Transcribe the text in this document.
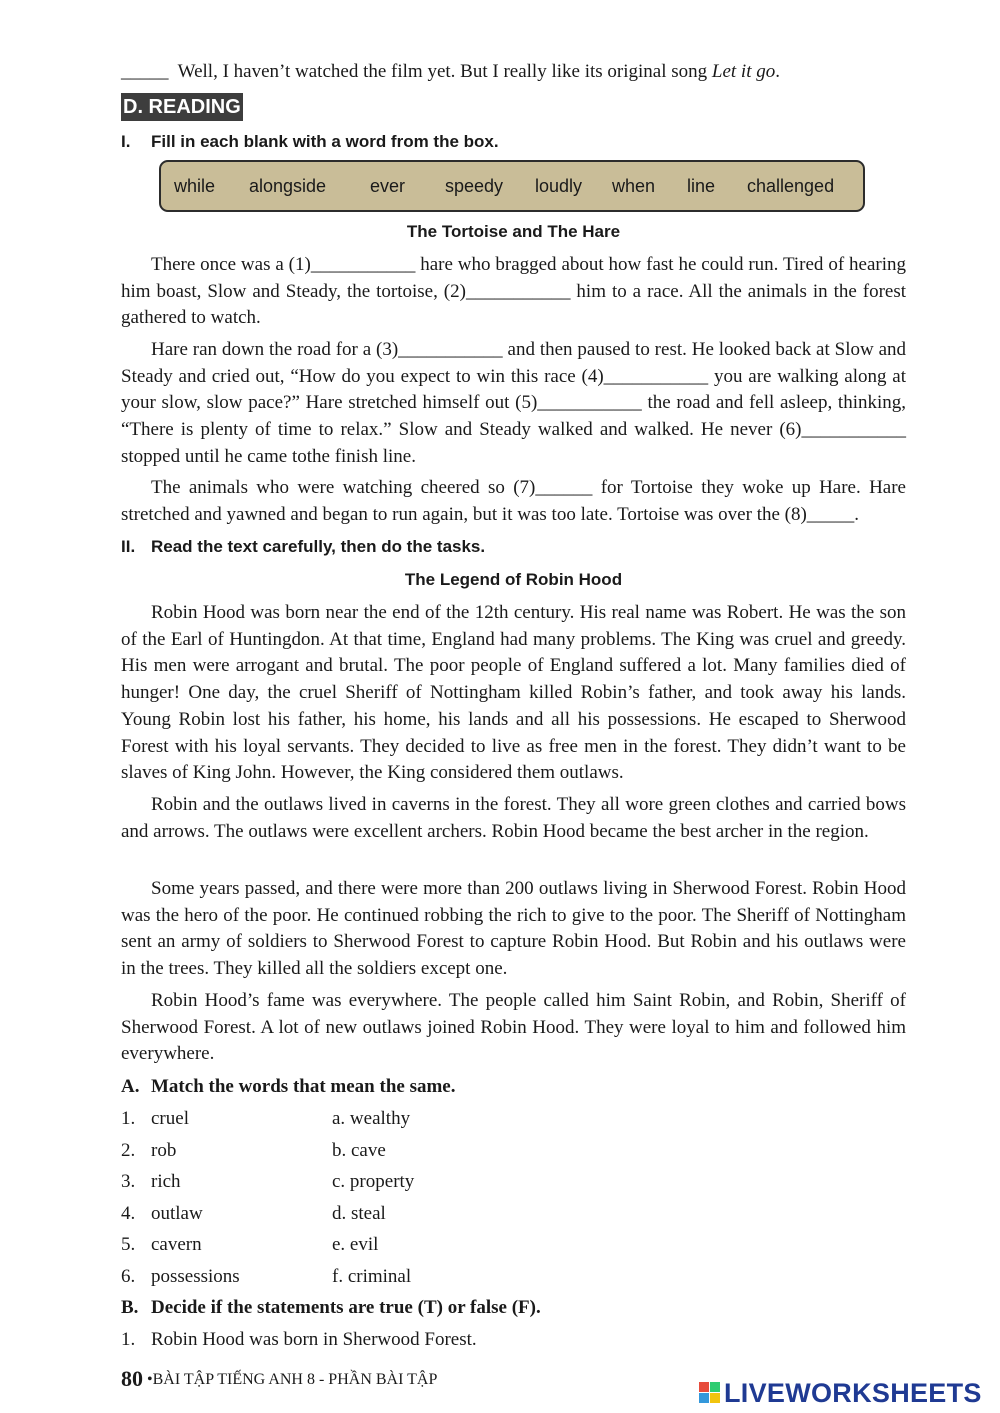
_____ Well, I haven’t watched the film yet. But I really like its original song Let it go.
D. READING
I. Fill in each blank with a word from the box.
while alongside ever speedy loudly when line challenged
The Tortoise and The Hare

There once was a (1)___________ hare who bragged about how fast he could run. Tired of hearing him boast, Slow and Steady, the tortoise, (2)___________ him to a race. All the animals in the forest gathered to watch.

Hare ran down the road for a (3)___________ and then paused to rest. He looked back at Slow and Steady and cried out, “How do you expect to win this race (4)___________ you are walking along at your slow, slow pace?” Hare stretched himself out (5)___________ the road and fell asleep, thinking, “There is plenty of time to relax.” Slow and Steady walked and walked. He never (6)___________ stopped until he came tothe finish line.

The animals who were watching cheered so (7)______ for Tortoise they woke up Hare. Hare stretched and yawned and began to run again, but it was too late. Tortoise was over the (8)_____.

II. Read the text carefully, then do the tasks.
The Legend of Robin Hood

Robin Hood was born near the end of the 12th century. His real name was Robert. He was the son of the Earl of Huntingdon. At that time, England had many problems. The King was cruel and greedy. His men were arrogant and brutal. The poor people of England suffered a lot. Many families died of hunger! One day, the cruel Sheriff of Nottingham killed Robin’s father, and took away his lands. Young Robin lost his father, his home, his lands and all his possessions. He escaped to Sherwood Forest with his loyal servants. They decided to live as free men in the forest. They didn’t want to be slaves of King John. However, the King considered them outlaws.

Robin and the outlaws lived in caverns in the forest. They all wore green clothes and carried bows and arrows. The outlaws were excellent archers. Robin Hood became the best archer in the region.

Some years passed, and there were more than 200 outlaws living in Sherwood Forest. Robin Hood was the hero of the poor. He continued robbing the rich to give to the poor. The Sheriff of Nottingham sent an army of soldiers to Sherwood Forest to capture Robin Hood. But Robin and his outlaws were in the trees. They killed all the soldiers except one.

Robin Hood’s fame was everywhere. The people called him Saint Robin, and Robin, Sheriff of Sherwood Forest. A lot of new outlaws joined Robin Hood. They were loyal to him and followed him everywhere.

A. Match the words that mean the same.
1. cruel	a. wealthy
2. rob	b. cave
3. rich	c. property
4. outlaw	d. steal
5. cavern	e. evil
6. possessions	f. criminal
B. Decide if the statements are true (T) or false (F).
1. Robin Hood was born in Sherwood Forest.
80 •BÀI TẬP TIẾNG ANH 8 - PHẦN BÀI TẬP	LIVEWORKSHEETS
